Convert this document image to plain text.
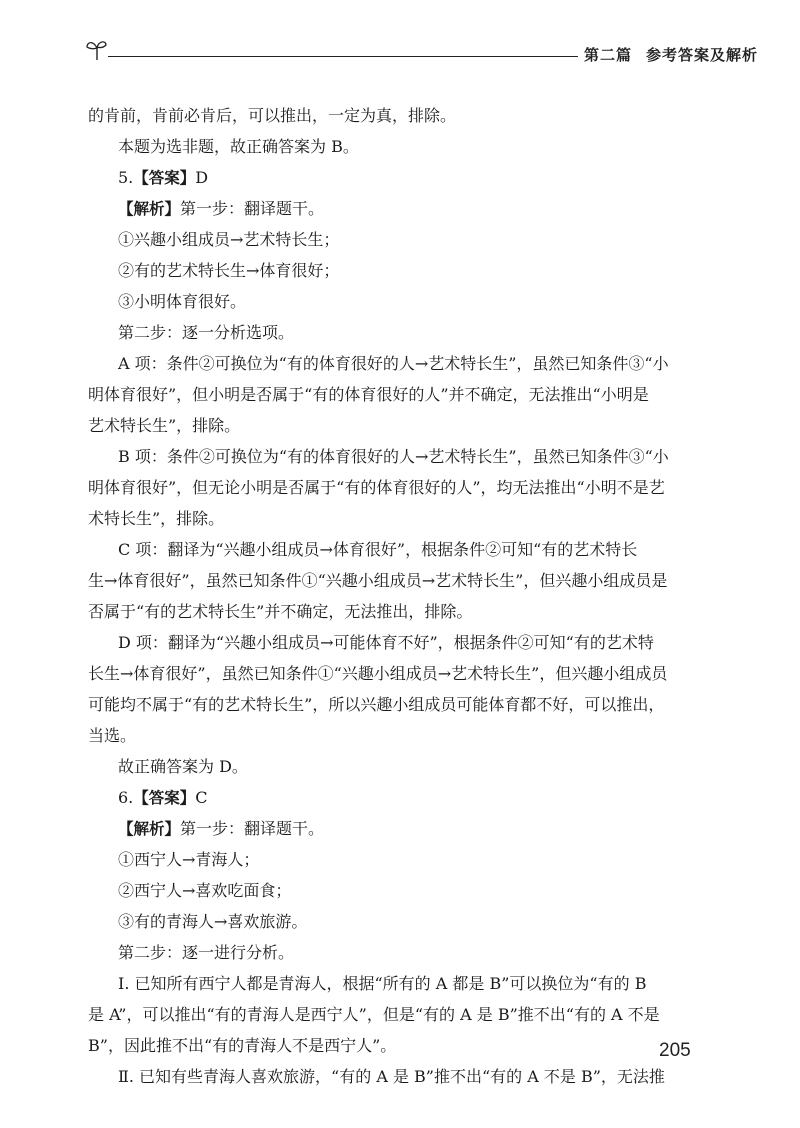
第二篇 参考答案及解析
的肯前，肯前必肯后，可以推出，一定为真，排除。
本题为选非题，故正确答案为 B。
5.【答案】D
【解析】第一步：翻译题干。
①兴趣小组成员→艺术特长生；
②有的艺术特长生→体育很好；
③小明体育很好。
第二步：逐一分析选项。
A 项：条件②可换位为“有的体育很好的人→艺术特长生”，虽然已知条件③“小
明体育很好”，但小明是否属于“有的体育很好的人”并不确定，无法推出“小明是
艺术特长生”，排除。
B 项：条件②可换位为“有的体育很好的人→艺术特长生”，虽然已知条件③“小
明体育很好”，但无论小明是否属于“有的体育很好的人”，均无法推出“小明不是艺
术特长生”，排除。
C 项：翻译为“兴趣小组成员→体育很好”，根据条件②可知“有的艺术特长
生→体育很好”，虽然已知条件①“兴趣小组成员→艺术特长生”，但兴趣小组成员是
否属于“有的艺术特长生”并不确定，无法推出，排除。
D 项：翻译为“兴趣小组成员→可能体育不好”，根据条件②可知“有的艺术特
长生→体育很好”，虽然已知条件①“兴趣小组成员→艺术特长生”，但兴趣小组成员
可能均不属于“有的艺术特长生”，所以兴趣小组成员可能体育都不好，可以推出，
当选。
故正确答案为 D。
6.【答案】C
【解析】第一步：翻译题干。
①西宁人→青海人；
②西宁人→喜欢吃面食；
③有的青海人→喜欢旅游。
第二步：逐一进行分析。
Ⅰ. 已知所有西宁人都是青海人，根据“所有的 A 都是 B”可以换位为“有的 B
是 A”，可以推出“有的青海人是西宁人”，但是“有的 A 是 B”推不出“有的 A 不是
B”，因此推不出“有的青海人不是西宁人”。
Ⅱ. 已知有些青海人喜欢旅游，“有的 A 是 B”推不出“有的 A 不是 B”，无法推
205
